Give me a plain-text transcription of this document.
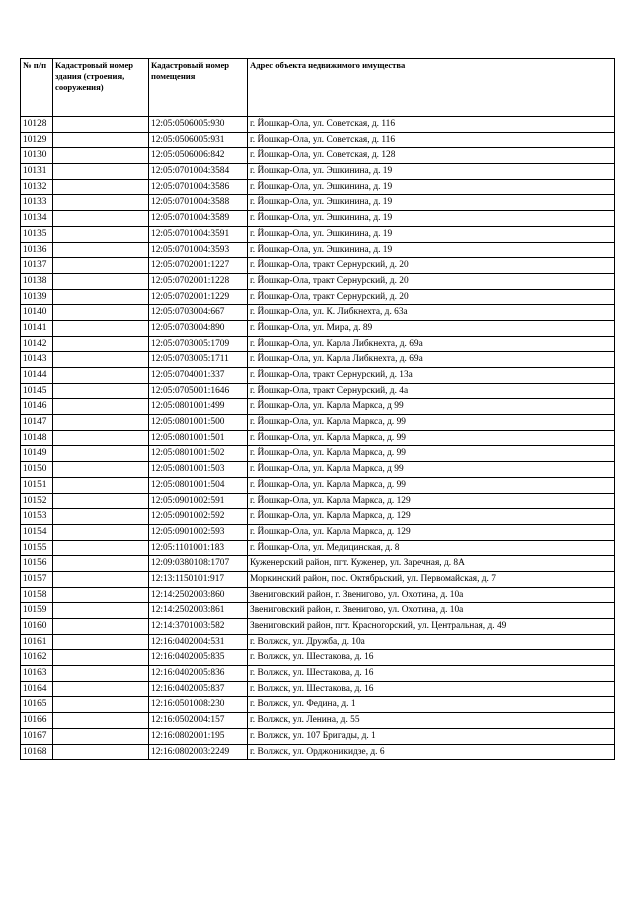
№ п/п	Кадастровый номер здания (строения, сооружения)	Кадастровый номер помещения	Адрес объекта недвижимого имущества
10128		12:05:0506005:930	г. Йошкар-Ола, ул. Советская, д. 116
10129		12:05:0506005:931	г. Йошкар-Ола, ул. Советская, д. 116
10130		12:05:0506006:842	г. Йошкар-Ола, ул. Советская, д. 128
10131		12:05:0701004:3584	г. Йошкар-Ола, ул. Эшкинина, д. 19
10132		12:05:0701004:3586	г. Йошкар-Ола, ул. Эшкинина, д. 19
10133		12:05:0701004:3588	г. Йошкар-Ола, ул. Эшкинина, д. 19
10134		12:05:0701004:3589	г. Йошкар-Ола, ул. Эшкинина, д. 19
10135		12:05:0701004:3591	г. Йошкар-Ола, ул. Эшкинина, д. 19
10136		12:05:0701004:3593	г. Йошкар-Ола, ул. Эшкинина, д. 19
10137		12:05:0702001:1227	г. Йошкар-Ола, тракт Сернурский, д. 20
10138		12:05:0702001:1228	г. Йошкар-Ола, тракт Сернурский, д. 20
10139		12:05:0702001:1229	г. Йошкар-Ола, тракт Сернурский, д. 20
10140		12:05:0703004:667	г. Йошкар-Ола, ул. К. Либкнехта, д. 63а
10141		12:05:0703004:890	г. Йошкар-Ола, ул. Мира, д. 89
10142		12:05:0703005:1709	г. Йошкар-Ола, ул. Карла Либкнехта, д. 69а
10143		12:05:0703005:1711	г. Йошкар-Ола, ул. Карла Либкнехта, д. 69а
10144		12:05:0704001:337	г. Йошкар-Ола, тракт Сернурский, д. 13а
10145		12:05:0705001:1646	г. Йошкар-Ола, тракт Сернурский, д. 4а
10146		12:05:0801001:499	г. Йошкар-Ола, ул. Карла Маркса, д 99
10147		12:05:0801001:500	г. Йошкар-Ола, ул. Карла Маркса, д. 99
10148		12:05:0801001:501	г. Йошкар-Ола, ул. Карла Маркса, д. 99
10149		12:05:0801001:502	г. Йошкар-Ола, ул. Карла Маркса, д. 99
10150		12:05:0801001:503	г. Йошкар-Ола, ул. Карла Маркса, д 99
10151		12:05:0801001:504	г. Йошкар-Ола, ул. Карла Маркса, д. 99
10152		12:05:0901002:591	г. Йошкар-Ола, ул. Карла Маркса, д. 129
10153		12:05:0901002:592	г. Йошкар-Ола, ул. Карла Маркса, д. 129
10154		12:05:0901002:593	г. Йошкар-Ола, ул. Карла Маркса, д. 129
10155		12:05:1101001:183	г. Йошкар-Ола, ул. Медицинская, д. 8
10156		12:09:0380108:1707	Куженерский район, пгт. Куженер, ул. Заречная, д. 8А
10157		12:13:1150101:917	Моркинский район, пос. Октябрьский, ул. Первомайская, д. 7
10158		12:14:2502003:860	Звениговский район, г. Звенигово, ул. Охотина, д. 10а
10159		12:14:2502003:861	Звениговский район, г. Звенигово, ул. Охотина, д. 10а
10160		12:14:3701003:582	Звениговский район, пгт. Красногорский, ул. Центральная, д. 49
10161		12:16:0402004:531	г. Волжск, ул. Дружба, д. 10а
10162		12:16:0402005:835	г. Волжск, ул. Шестакова, д. 16
10163		12:16:0402005:836	г. Волжск, ул. Шестакова, д. 16
10164		12:16:0402005:837	г. Волжск, ул. Шестакова, д. 16
10165		12:16:0501008:230	г. Волжск, ул. Федина, д. 1
10166		12:16:0502004:157	г. Волжск, ул. Ленина, д. 55
10167		12:16:0802001:195	г. Волжск, ул. 107 Бригады, д. 1
10168		12:16:0802003:2249	г. Волжск, ул. Орджоникидзе, д. 6
